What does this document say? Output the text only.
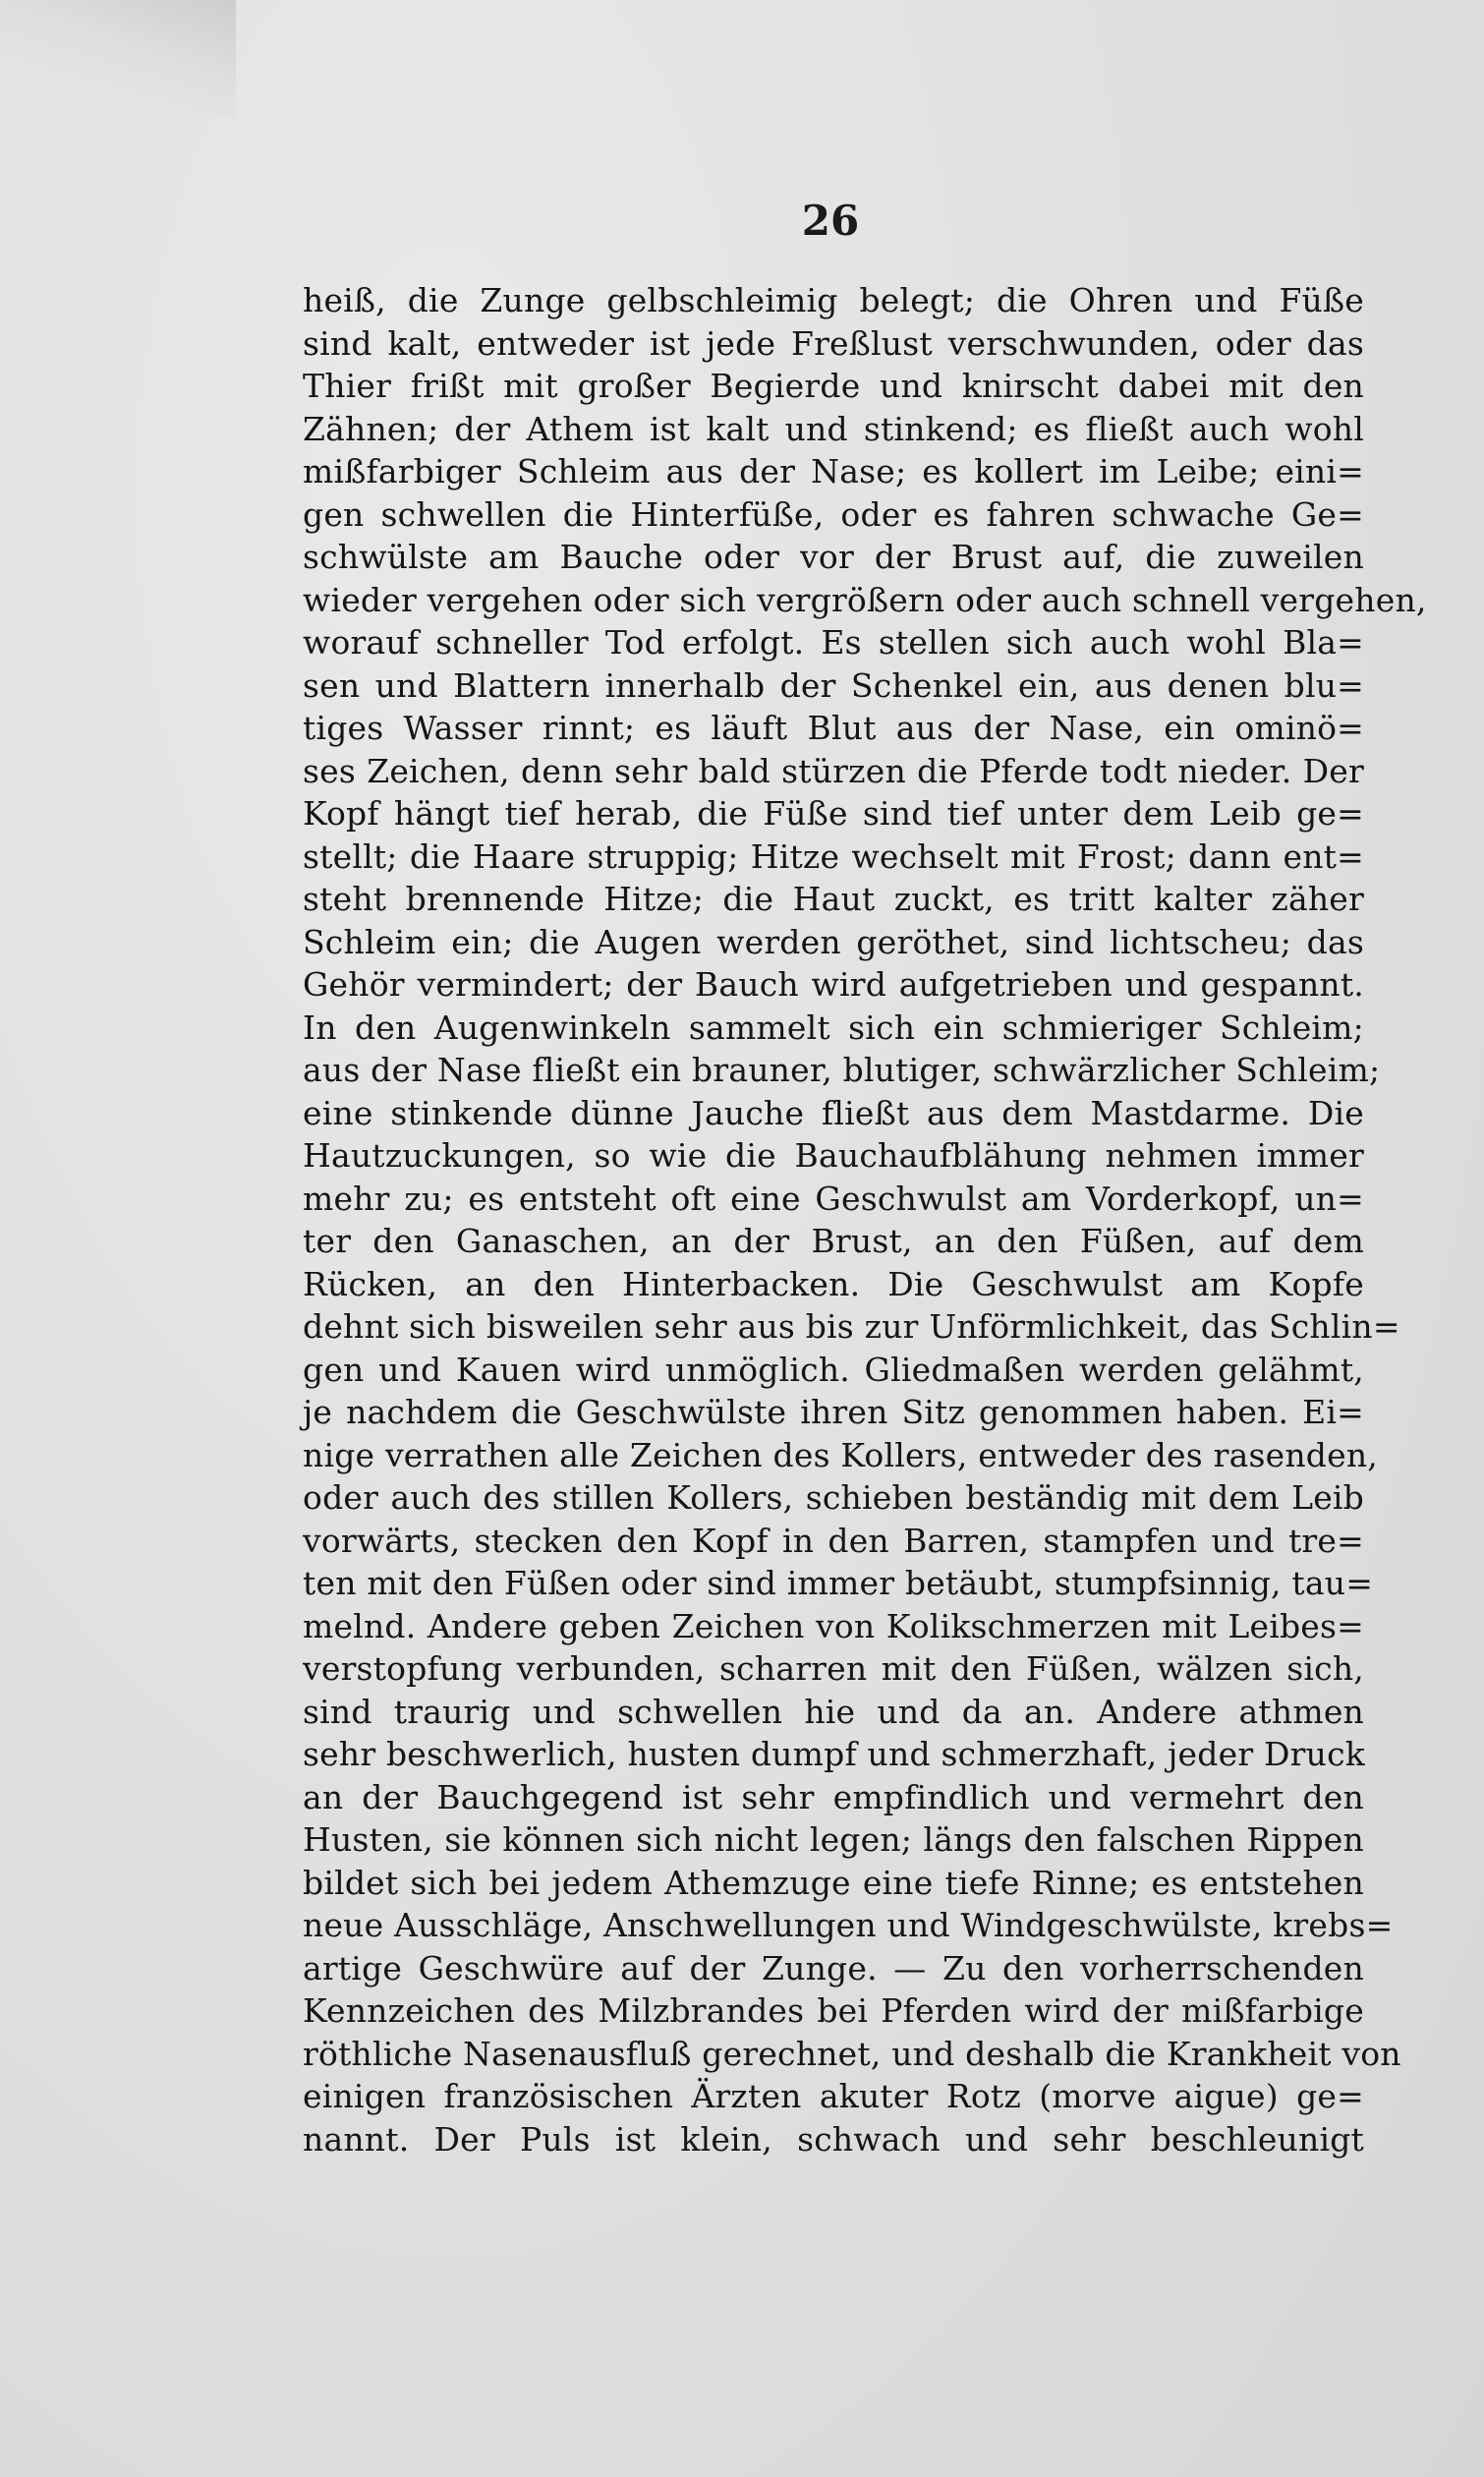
26
heiß, die Zunge gelbschleimig belegt; die Ohren und Füße
sind kalt, entweder ist jede Freßlust verschwunden, oder das
Thier frißt mit großer Begierde und knirscht dabei mit den
Zähnen; der Athem ist kalt und stinkend; es fließt auch wohl
mißfarbiger Schleim aus der Nase; es kollert im Leibe; eini=
gen schwellen die Hinterfüße, oder es fahren schwache Ge=
schwülste am Bauche oder vor der Brust auf, die zuweilen
wieder vergehen oder sich vergrößern oder auch schnell vergehen,
worauf schneller Tod erfolgt. Es stellen sich auch wohl Bla=
sen und Blattern innerhalb der Schenkel ein, aus denen blu=
tiges Wasser rinnt; es läuft Blut aus der Nase, ein ominö=
ses Zeichen, denn sehr bald stürzen die Pferde todt nieder. Der
Kopf hängt tief herab, die Füße sind tief unter dem Leib ge=
stellt; die Haare struppig; Hitze wechselt mit Frost; dann ent=
steht brennende Hitze; die Haut zuckt, es tritt kalter zäher
Schleim ein; die Augen werden geröthet, sind lichtscheu; das
Gehör vermindert; der Bauch wird aufgetrieben und gespannt.
In den Augenwinkeln sammelt sich ein schmieriger Schleim;
aus der Nase fließt ein brauner, blutiger, schwärzlicher Schleim;
eine stinkende dünne Jauche fließt aus dem Mastdarme. Die
Hautzuckungen, so wie die Bauchaufblähung nehmen immer
mehr zu; es entsteht oft eine Geschwulst am Vorderkopf, un=
ter den Ganaschen, an der Brust, an den Füßen, auf dem
Rücken, an den Hinterbacken. Die Geschwulst am Kopfe
dehnt sich bisweilen sehr aus bis zur Unförmlichkeit, das Schlin=
gen und Kauen wird unmöglich. Gliedmaßen werden gelähmt,
je nachdem die Geschwülste ihren Sitz genommen haben. Ei=
nige verrathen alle Zeichen des Kollers, entweder des rasenden,
oder auch des stillen Kollers, schieben beständig mit dem Leib
vorwärts, stecken den Kopf in den Barren, stampfen und tre=
ten mit den Füßen oder sind immer betäubt, stumpfsinnig, tau=
melnd. Andere geben Zeichen von Kolikschmerzen mit Leibes=
verstopfung verbunden, scharren mit den Füßen, wälzen sich,
sind traurig und schwellen hie und da an. Andere athmen
sehr beschwerlich, husten dumpf und schmerzhaft, jeder Druck
an der Bauchgegend ist sehr empfindlich und vermehrt den
Husten, sie können sich nicht legen; längs den falschen Rippen
bildet sich bei jedem Athemzuge eine tiefe Rinne; es entstehen
neue Ausschläge, Anschwellungen und Windgeschwülste, krebs=
artige Geschwüre auf der Zunge. — Zu den vorherrschenden
Kennzeichen des Milzbrandes bei Pferden wird der mißfarbige
röthliche Nasenausfluß gerechnet, und deshalb die Krankheit von
einigen französischen Ärzten akuter Rotz (morve aigue) ge=
nannt. Der Puls ist klein, schwach und sehr beschleunigt
